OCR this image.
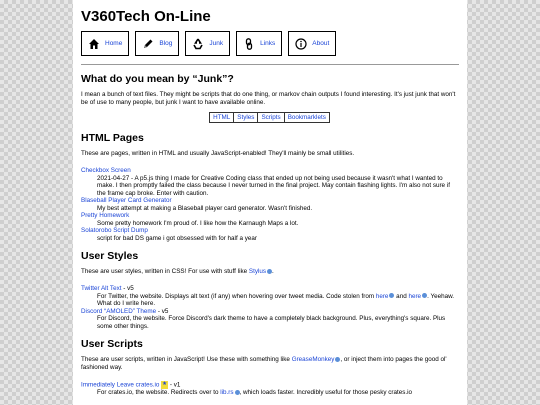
V360Tech On-Line
Home	Blog	Junk	Links	About
What do you mean by “Junk”?

I mean a bunch of text files. They might be scripts that do one thing, or markov chain outputs I found interesting. It's just junk that won't be of use to many people, but junk I want to have available online.

HTML	Styles	Scripts	Bookmarklets
HTML Pages

These are pages, written in HTML and usually JavaScript-enabled! They'll mainly be small utilities.

Checkbox Screen
2021-04-27 - A p5.js thing I made for Creative Coding class that ended up not being used because it wasn't what I wanted to make. I then promptly failed the class because I never turned in the final project. May contain flashing lights. I'm also not sure if the frame cap broke. Enter with caution.
Blaseball Player Card Generator
My best attempt at making a Blaseball player card generator. Wasn't finished.
Pretty Homework
Some pretty homework I'm proud of. I like how the Karnaugh Maps a lot.
Solatorobo Script Dump
script for bad DS game i got obsessed with for half a year
User Styles

These are user styles, written in CSS! For use with stuff like Stylus .

Twitter Alt Text - v5
For Twitter, the website. Displays alt text (if any) when hovering over tweet media. Code stolen from here and here . Yeehaw. What do I write here.
Discord “AMOLED” Theme - v5
For Discord, the website. Force Discord's dark theme to have a completely black background. Plus, everything's square. Plus some other things.
User Scripts

These are user scripts, written in JavaScript! Use these with something like GreaseMonkey , or inject them into pages the good ol' fashioned way.

Immediately Leave crates.io ★ - v1
For crates.io, the website. Redirects over to lib.rs , which loads faster. Incredibly useful for those pesky crates.io
